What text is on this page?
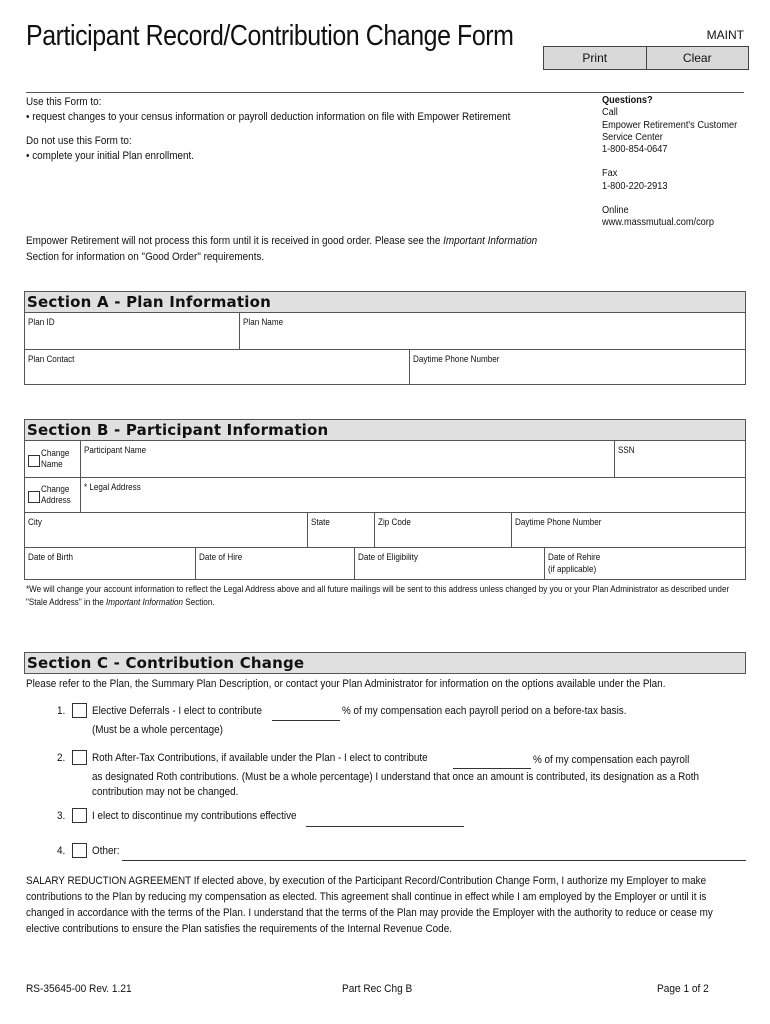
Participant Record/Contribution Change Form	MAINT
Print	Clear
Use this Form to:
• request changes to your census information or payroll deduction information on file with Empower Retirement
Do not use this Form to:
• complete your initial Plan enrollment.
Questions?
Call
Empower Retirement's Customer
Service Center
1-800-854-0647
Fax
1-800-220-2913
Online
www.massmutual.com/corp
Empower Retirement will not process this form until it is received in good order. Please see the Important Information
Section for information on "Good Order" requirements.
Section A - Plan Information
Plan ID	Plan Name
Plan Contact	Daytime Phone Number
Section B - Participant Information
Change
Name
Participant Name	SSN
Change
Address
* Legal Address
City	State	Zip Code	Daytime Phone Number
Date of Birth	Date of Hire	Date of Eligibility	Date of Rehire
(if applicable)
*We will change your account information to reflect the Legal Address above and all future mailings will be sent to this address unless changed by you or your Plan Administrator as described under
"Stale Address" in the Important Information Section.
Section C - Contribution Change
Please refer to the Plan, the Summary Plan Description, or contact your Plan Administrator for information on the options available under the Plan.
1. Elective Deferrals - I elect to contribute	% of my compensation each payroll period on a before-tax basis.
(Must be a whole percentage)
2. Roth After-Tax Contributions, if available under the Plan - I elect to contribute	% of my compensation each payroll
as designated Roth contributions. (Must be a whole percentage) I understand that once an amount is contributed, its designation as a Roth
contribution may not be changed.
3. I elect to discontinue my contributions effective
4. Other:
SALARY REDUCTION AGREEMENT If elected above, by execution of the Participant Record/Contribution Change Form, I authorize my Employer to make
contributions to the Plan by reducing my compensation as elected. This agreement shall continue in effect while I am employed by the Employer or until it is
changed in accordance with the terms of the Plan. I understand that the terms of the Plan may provide the Employer with the authority to reduce or cease my
elective contributions to ensure the Plan satisfies the requirements of the Internal Revenue Code.
RS-35645-00 Rev. 1.21	Part Rec Chg B	Page 1 of 2
